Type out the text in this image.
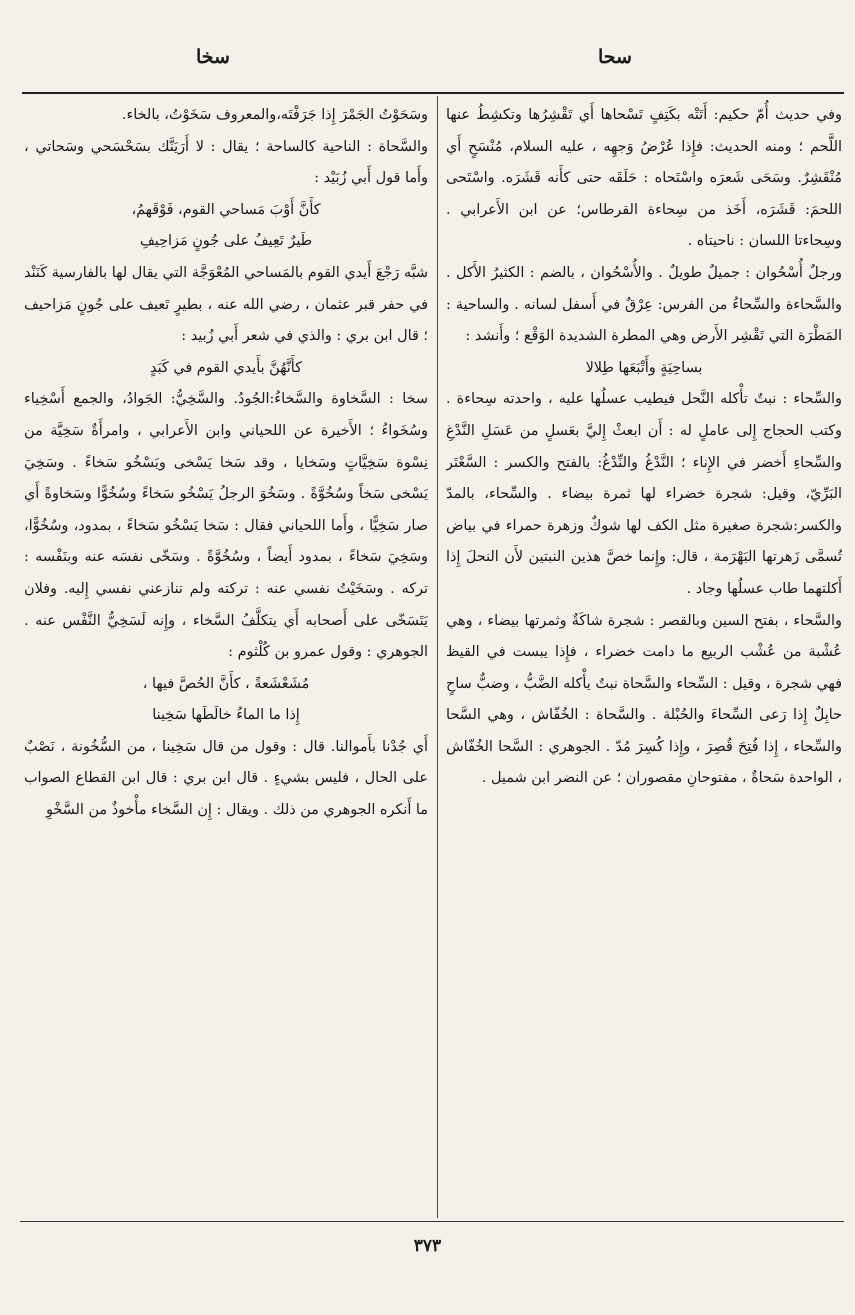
سحا
سخا

وفي حديث أُمّ حكيم: أَتَتْه بكَتِفٍ تَسْحاها أَي تَقْشِرُها وتكشِطُ عنها اللَّحم ؛ ومنه الحديث: فإِذا عُرْضُ وَجهِه ، عليه السلام، مُنْسَحٍ أَي مُنْقَشِرٌ. وسَحَى شَعرَه واسْتَحاه : حَلَقَه حتى كأَنه قَشَرَه. واسْتَحى اللحمَ: قَشَرَه، أَخَذ من سِحاءة القرطاس؛ عن ابن الأَعرابي . وسِحاءتا اللسان : ناحيتاه .

ورجلٌ أُسْحُوان : جميلٌ طويلٌ . والأُسْحُوان ، بالضم : الكثيرُ الأَكل . والسَّحاءة والسِّحاءُ من الفرس: عِرْقٌ في أَسفل لسانه . والساحية : المَطْرَة التي تَقْشِر الأَرض وهي المطرة الشديدة الوَقْع ؛ وأَنشد :

بساحِيَةٍ وأَتْبَعَها طِلالا

والسِّحاء : نبتٌ تأْكله النَّحل فيطيب عسلُها عليه ، واحدته سِحاءة . وكتب الحجاج إِلى عاملٍ له : أَن ابعثْ إِليَّ بعَسلٍ من عَسَلِ النَّدْغِ والسِّحاءِ أَخضر في الإِناء ؛ النَّدْغُ والنِّدْغُ: بالفتح والكسر : السَّعْتَر البَرِّيّ، وقيل: شجرة خضراء لها ثمرة بيضاء . والسِّحاء، بالمدّ والكسر:شجرة صغيرة مثل الكف لها شوكٌ وزهرة حمراء في بياض تُسمَّى زَهرتها البَهْرَمة ، قال: وإِنما خصَّ هذين النبتين لأَن النحلَ إِذا أَكلتهما طاب عسلُها وجاد .

والسَّحاء ، بفتح السين وبالقصر : شجرة شاكَةٌ وثمرتها بيضاء ، وهي عُشْبة من عُشْب الربيع ما دامت خضراء ، فإِذا يبست في القيظ فهي شجرة ، وقيل : السِّحاء والسَّحاة نبتٌ يأْكله الضَّبُّ ، وضبٌّ ساحٍ حابِلٌ إِذا رَعى السِّحاءَ والحُبْلة . والسَّحاة : الخُفّاش ، وهي السَّحا والسِّحاء ، إِذا فُتِحَ قُصِرَ ، وإِذا كُسِرَ مُدّ . الجوهري : السَّحا الخُفّاش ، الواحدة سَحاةٌ ، مفتوحانِ مقصوران ؛ عن النضر ابن شميل .

وسَحَوْتُ الجَمْرَ إِذا جَرَفْتَه،والمعروف سَخَوْتُ، بالخاء.

والسَّحاة : الناحية كالساحة ؛ يقال : لا أَرَيَنَّك بسَحْسَحي وسَحاتي ، وأَما قول أَبي زُبَيْد :

كأَنَّ أَوْبَ مَساحي القوم، فَوْقَهمُ،

طَيرٌ تَعِيفُ على جُونٍ مَزاحِيفِ

شبَّه رَجْعَ أَيدي القوم بالمَساحي المُعْوَجَّة التي يقال لها بالفارسية كَنَنْد في حفر قبر عثمان ، رضي الله عنه ، بطيرٍ تَعيف على جُونٍ مَزاحيف ؛ قال ابن بري : والذي في شعر أَبي زُبيد :

كأَنَّهُنَّ بأَيدي القوم في كَبَدٍ

سخا : السَّخاوة والسَّخاءُ:الجُودُ. والسَّخِيُّ: الجَوادُ، والجمع أَسْخِياء وسُخَواءُ ؛ الأَخيرة عن اللحياني وابن الأَعرابي ، وامرأَةٌ سَخِيَّة من نِسْوة سَخِيَّاتٍ وسَخايا ، وقد سَخا يَسْخى ويَسْخُو سَخاءً . وسَخِيَ يَسْخى سَخاً وسُخُوَّةً . وسَخُوَ الرجلُ يَسْخُو سَخاءً وسُخُوًّا وسَخاوةً أَي صار سَخِيًّا ، وأَما اللحياني فقال : سَخا يَسْخُو سَخاءً ، بمدود، وسُخُوًّا، وسَخِيَ سَخاءً ، بمدود أَيضاً ، وسُخُوَّةً . وسَخّى نفسَه عنه وبنَفْسه : تركه . وسَخَيْتُ نفسي عنه : تركته ولم تنازعني نفسي إِليه. وفلان يَتَسَخّى على أَصحابه أَي يتكلَّفُ السَّخاء ، وإِنه لَسَخِيُّ النَّفْس عنه . الجوهري : وقول عمرو بن كُلْثوم :

مُشَعْشَعةً ، كأَنَّ الحُصَّ فيها ،

إِذا ما الماءُ خالَطَها سَخِينا

أَي جُدْنا بأَموالنا. قال : وقول من قال سَخِينا ، من السُّخُونة ، نَصْبٌ على الحال ، فليس بشيءٍ . قال ابن بري : قال ابن القطاع الصواب ما أَنكره الجوهري من ذلك . ويقال : إِن السَّخاء مأْخوذٌ من السَّخْوِ

٣٧٣
